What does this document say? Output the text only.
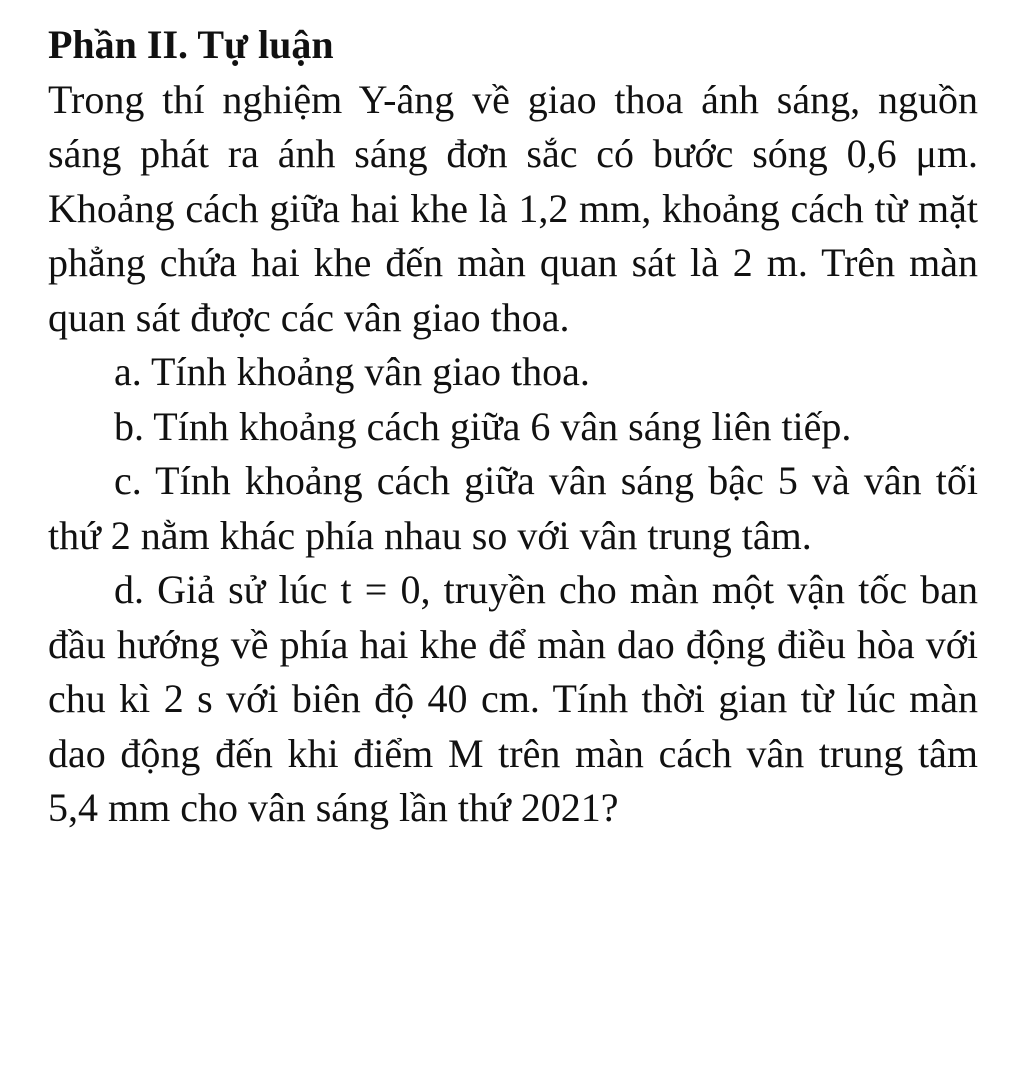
Phần II. Tự luận

Trong thí nghiệm Y-âng về giao thoa ánh sáng, nguồn sáng phát ra ánh sáng đơn sắc có bước sóng 0,6 μm. Khoảng cách giữa hai khe là 1,2 mm, khoảng cách từ mặt phẳng chứa hai khe đến màn quan sát là 2 m. Trên màn quan sát được các vân giao thoa.

a. Tính khoảng vân giao thoa.

b. Tính khoảng cách giữa 6 vân sáng liên tiếp.

c. Tính khoảng cách giữa vân sáng bậc 5 và vân tối thứ 2 nằm khác phía nhau so với vân trung tâm.

d. Giả sử lúc t = 0, truyền cho màn một vận tốc ban đầu hướng về phía hai khe để màn dao động điều hòa với chu kì 2 s với biên độ 40 cm. Tính thời gian từ lúc màn dao động đến khi điểm M trên màn cách vân trung tâm 5,4 mm cho vân sáng lần thứ 2021?
